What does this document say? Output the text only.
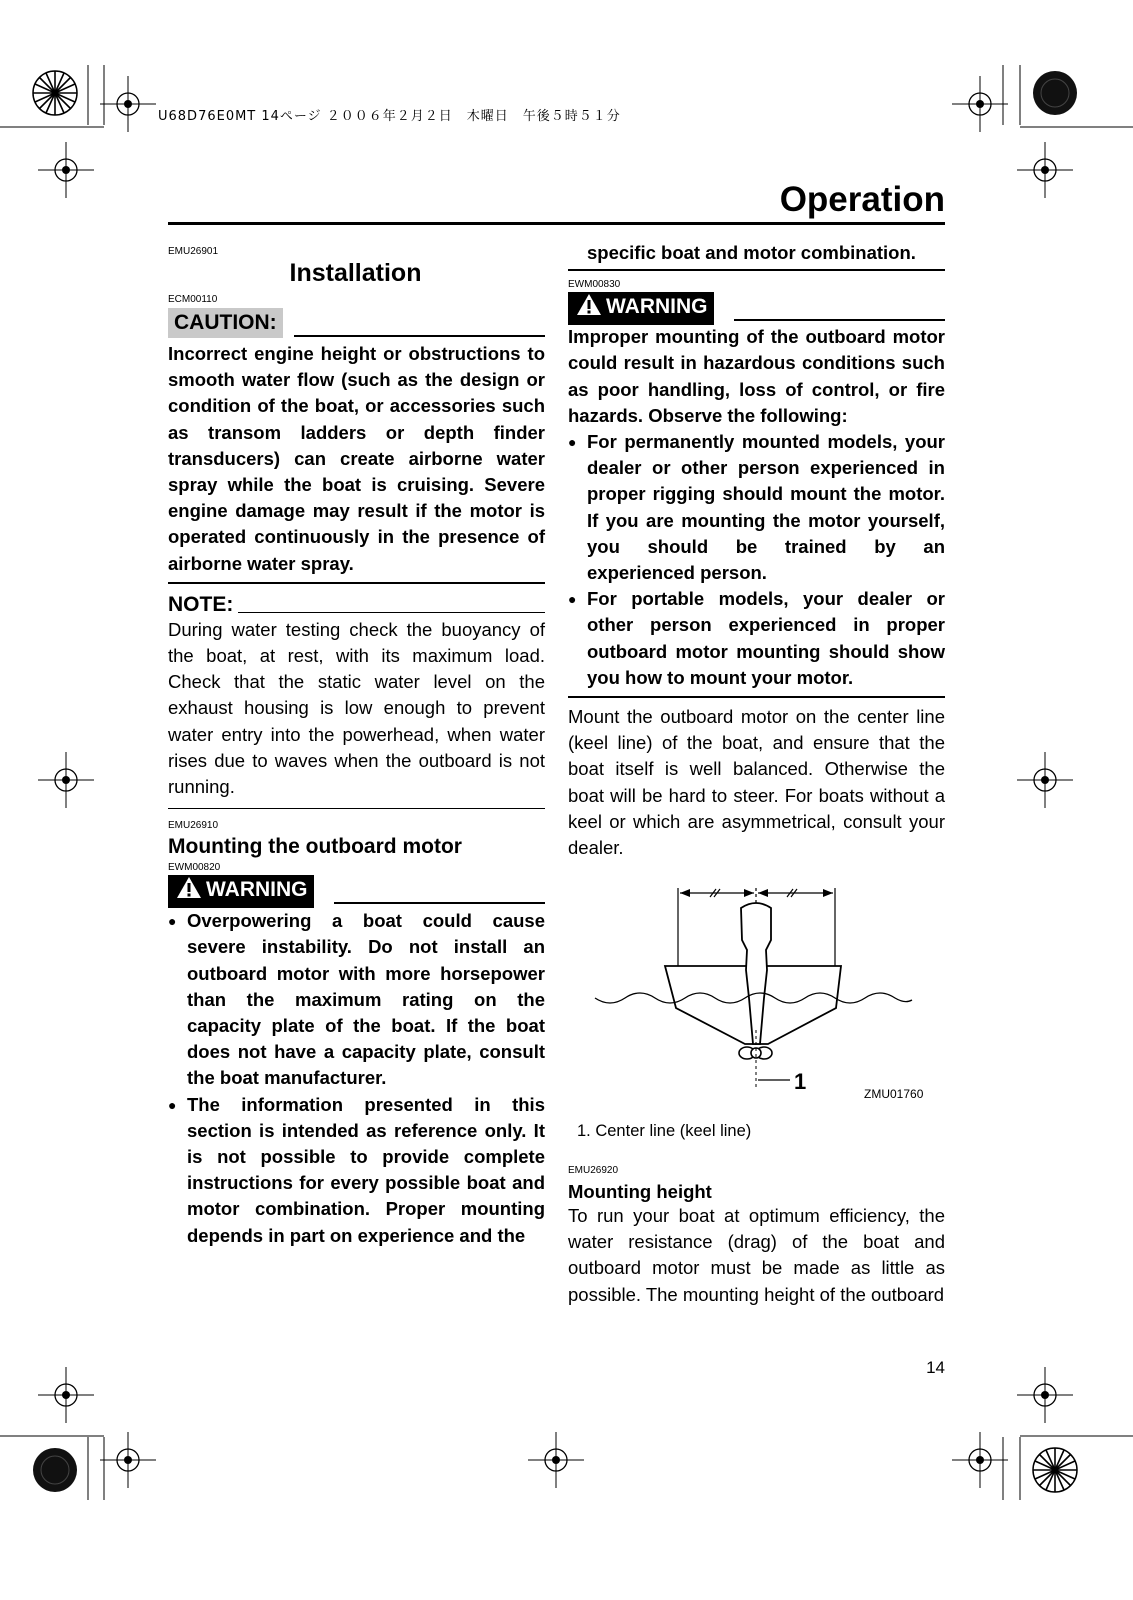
U68D76E0MT 14ページ ２００６年２月２日　木曜日　午後５時５１分
Operation
EMU26901
Installation
ECM00110
CAUTION:

Incorrect engine height or obstructions to smooth water flow (such as the design or condition of the boat, or accessories such as transom ladders or depth finder transducers) can create airborne water spray while the boat is cruising. Severe engine damage may result if the motor is operated continuously in the presence of airborne water spray.

NOTE:

During water testing check the buoyancy of the boat, at rest, with its maximum load. Check that the static water level on the exhaust housing is low enough to prevent water entry into the powerhead, when water rises due to waves when the outboard is not running.

EMU26910
Mounting the outboard motor
EWM00820
WARNING
● Overpowering a boat could cause severe instability. Do not install an outboard motor with more horsepower than the maximum rating on the capacity plate of the boat. If the boat does not have a capacity plate, consult the boat manufacturer.
● The information presented in this section is intended as reference only. It is not possible to provide complete instructions for every possible boat and motor combination. Proper mounting depends in part on experience and the

specific boat and motor combination.

EWM00830
WARNING

Improper mounting of the outboard motor could result in hazardous conditions such as poor handling, loss of control, or fire hazards. Observe the following:

● For permanently mounted models, your dealer or other person experienced in proper rigging should mount the motor. If you are mounting the motor yourself, you should be trained by an experienced person.
● For portable models, your dealer or other person experienced in proper outboard motor mounting should show you how to mount your motor.

Mount the outboard motor on the center line (keel line) of the boat, and ensure that the boat itself is well balanced. Otherwise the boat will be hard to steer. For boats without a keel or which are asymmetrical, consult your dealer.

1	ZMU01760
1. Center line (keel line)
EMU26920
Mounting height

To run your boat at optimum efficiency, the water resistance (drag) of the boat and outboard motor must be made as little as possible. The mounting height of the outboard

14
